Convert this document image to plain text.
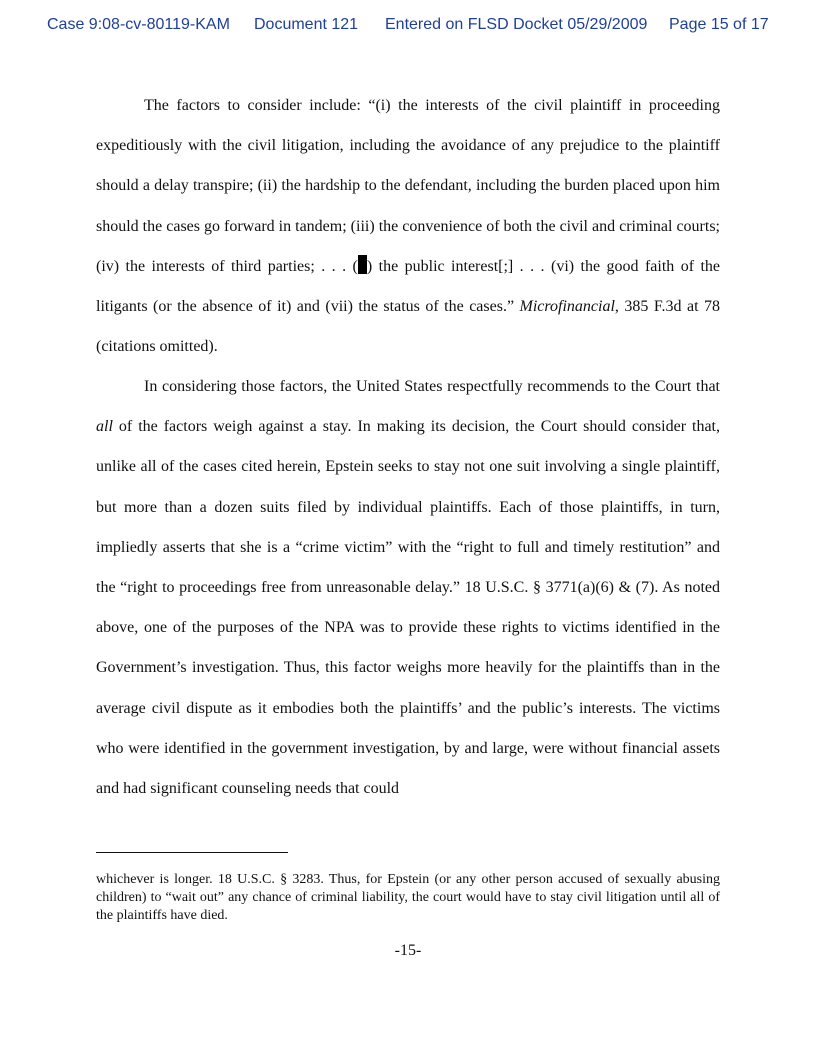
Case 9:08-cv-80119-KAM Document 121 Entered on FLSD Docket 05/29/2009 Page 15 of 17

The factors to consider include: “(i) the interests of the civil plaintiff in proceeding expeditiously with the civil litigation, including the avoidance of any prejudice to the plaintiff should a delay transpire; (ii) the hardship to the defendant, including the burden placed upon him should the cases go forward in tandem; (iii) the convenience of both the civil and criminal courts; (iv) the interests of third parties; . . . ( ) the public interest[;] . . . (vi) the good faith of the litigants (or the absence of it) and (vii) the status of the cases.” Microfinancial, 385 F.3d at 78 (citations omitted).

In considering those factors, the United States respectfully recommends to the Court that all of the factors weigh against a stay. In making its decision, the Court should consider that, unlike all of the cases cited herein, Epstein seeks to stay not one suit involving a single plaintiff, but more than a dozen suits filed by individual plaintiffs. Each of those plaintiffs, in turn, impliedly asserts that she is a “crime victim” with the “right to full and timely restitution” and the “right to proceedings free from unreasonable delay.” 18 U.S.C. § 3771(a)(6) & (7). As noted above, one of the purposes of the NPA was to provide these rights to victims identified in the Government’s investigation. Thus, this factor weighs more heavily for the plaintiffs than in the average civil dispute as it embodies both the plaintiffs’ and the public’s interests. The victims who were identified in the government investigation, by and large, were without financial assets and had significant counseling needs that could

whichever is longer. 18 U.S.C. § 3283. Thus, for Epstein (or any other person accused of sexually abusing children) to “wait out” any chance of criminal liability, the court would have to stay civil litigation until all of the plaintiffs have died.

-15-
